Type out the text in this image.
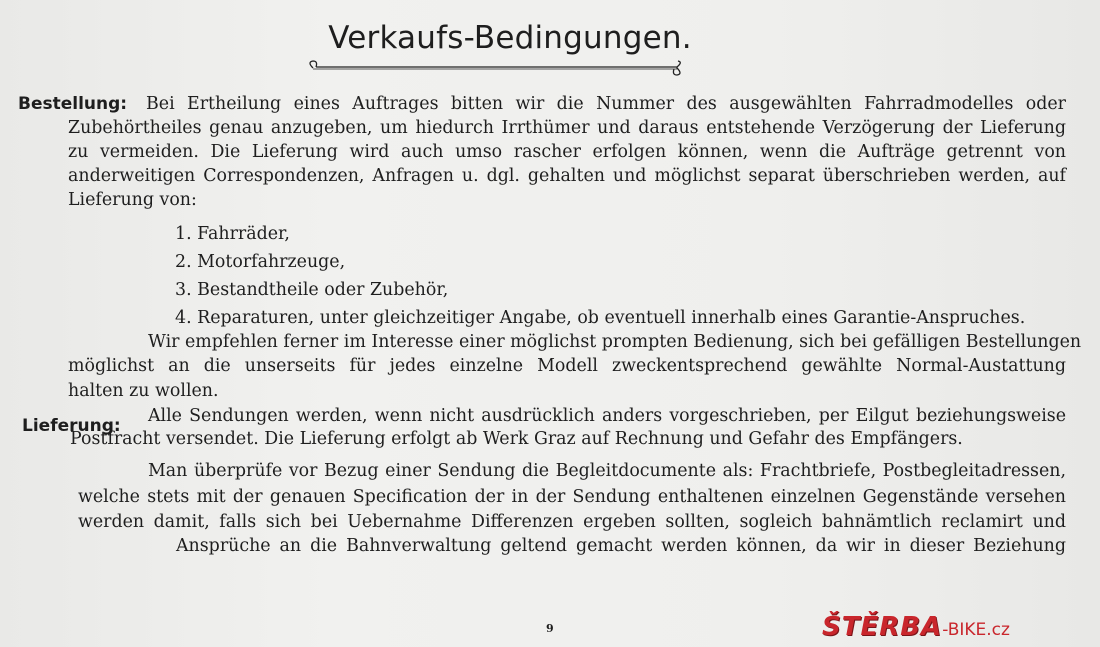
Verkaufs-Bedingungen.
Bestellung: Bei Ertheilung eines Auftrages bitten wir die Nummer des ausgewählten Fahrradmodelles oder
Zubehörtheiles genau anzugeben, um hiedurch Irrthümer und daraus entstehende Verzögerung der Lieferung
zu vermeiden. Die Lieferung wird auch umso rascher erfolgen können, wenn die Aufträge getrennt von
anderweitigen Correspondenzen, Anfragen u. dgl. gehalten und möglichst separat überschrieben werden, auf
Lieferung von:
1. Fahrräder,
2. Motorfahrzeuge,
3. Bestandtheile oder Zubehör,
4. Reparaturen, unter gleichzeitiger Angabe, ob eventuell innerhalb eines Garantie-Anspruches.
Wir empfehlen ferner im Interesse einer möglichst prompten Bedienung, sich bei gefälligen Bestellungen
möglichst an die unserseits für jedes einzelne Modell zweckentsprechend gewählte Normal-Austattung
halten zu wollen.
Lieferung: Alle Sendungen werden, wenn nicht ausdrücklich anders vorgeschrieben, per Eilgut beziehungsweise
Postfracht versendet. Die Lieferung erfolgt ab Werk Graz auf Rechnung und Gefahr des Empfängers.
Man überprüfe vor Bezug einer Sendung die Begleitdocumente als: Frachtbriefe, Postbegleitadressen,
welche stets mit der genauen Specification der in der Sendung enthaltenen einzelnen Gegenstände versehen
werden damit, falls sich bei Uebernahme Differenzen ergeben sollten, sogleich bahnämtlich reclamirt und
Ansprüche an die Bahnverwaltung geltend gemacht werden können, da wir in dieser Beziehung
9	ŠTĚRBA-BIKE.cz
